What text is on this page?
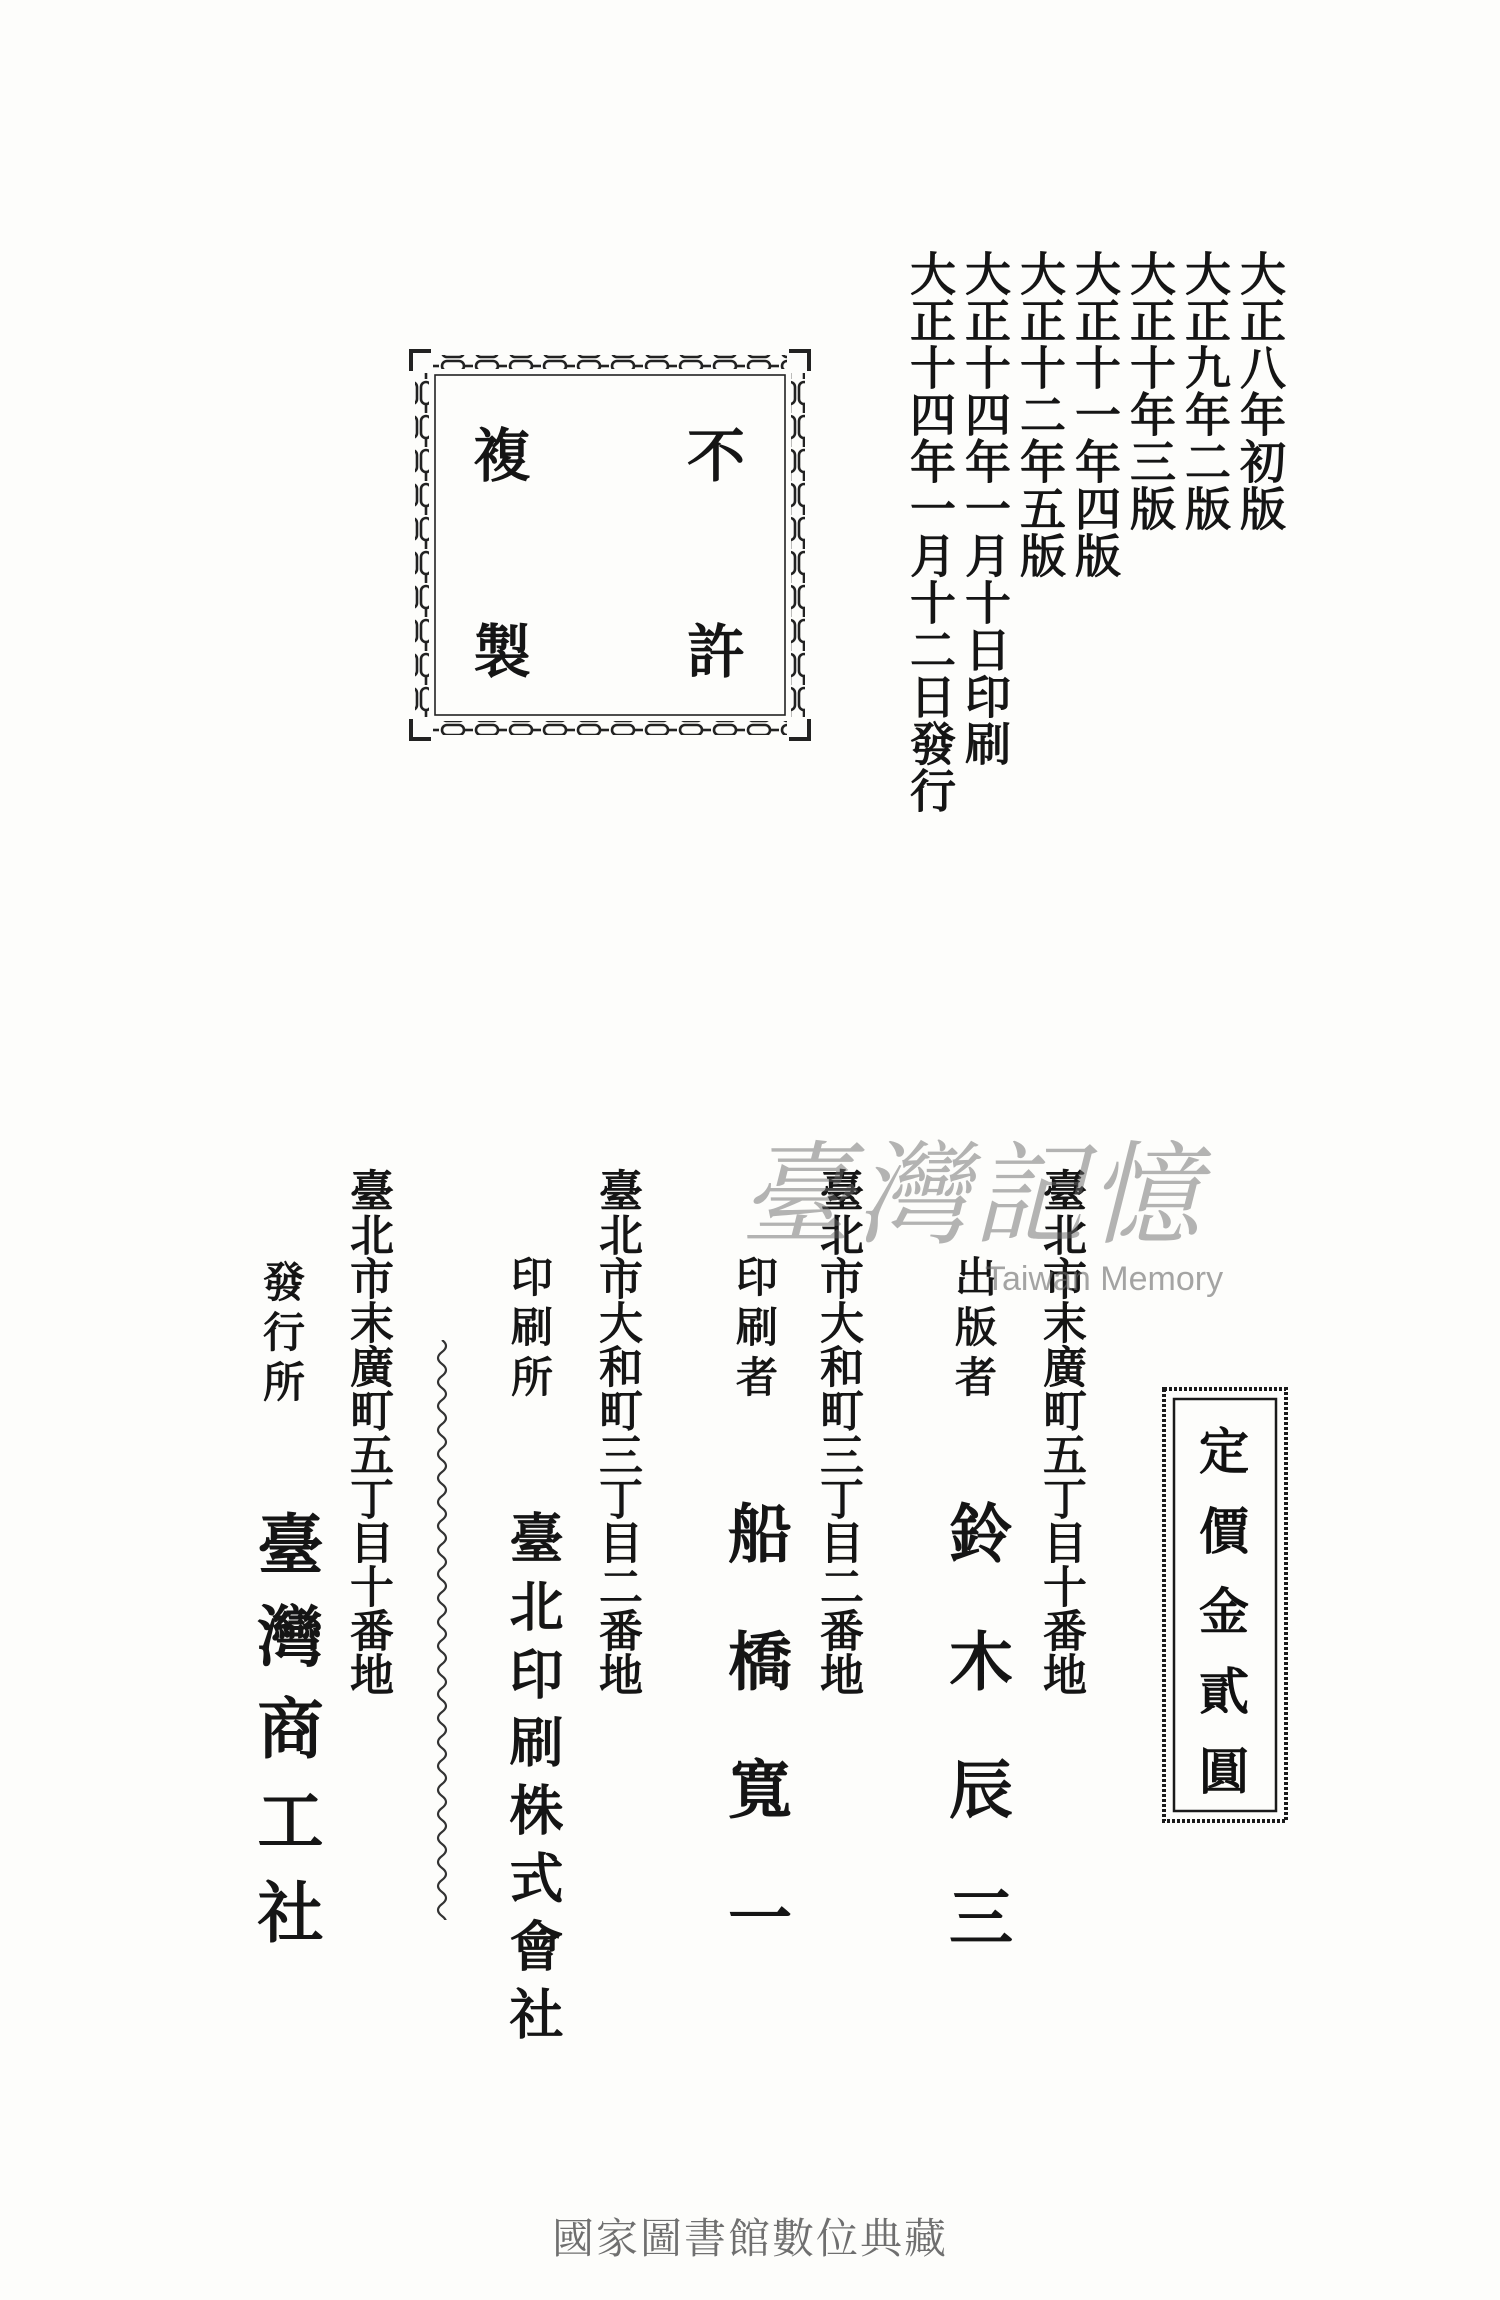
大正八年初版
大正九年二版
大正十年三版
大正十一年四版
大正十二年五版
大正十四年一月十日印刷
大正十四年一月十二日發行
不
許
複
製
定價金貳圓
臺北市末廣町五丁目十番地
出版者
鈴　木　辰　三
臺北市大和町三丁目二番地
印刷者
船　橋　寬　一
臺北市大和町三丁目二番地
印刷所
臺北印刷株式會社
臺北市末廣町五丁目十番地
發行所
臺灣商工社
臺灣記憶
Taiwan Memory
國家圖書館數位典藏
